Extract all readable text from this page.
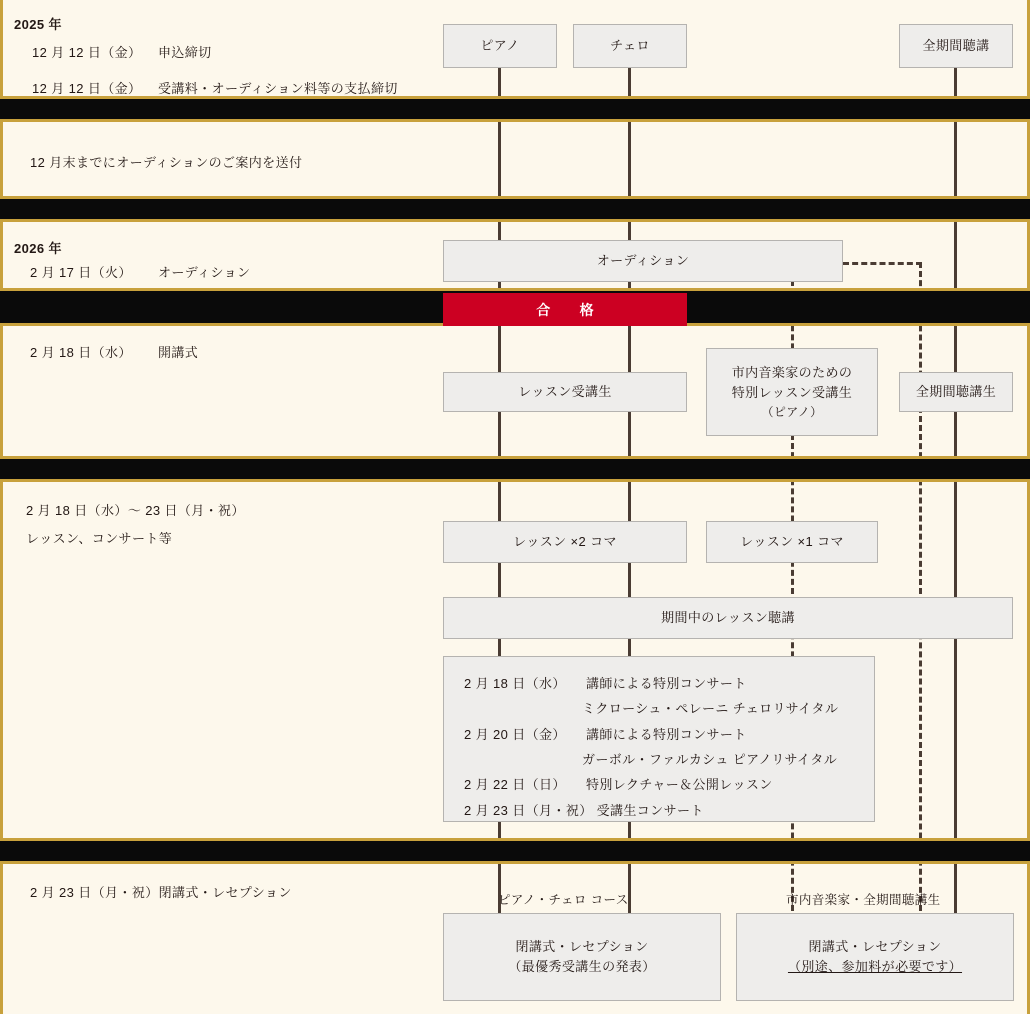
2025 年
12 月 12 日（金） 申込締切
12 月 12 日（金） 受講料・オーディション料等の支払締切
12 月末までにオーディションのご案内を送付
2026 年
2 月 17 日（火） オーディション
2 月 18 日（水） 開講式
2 月 18 日（水）〜 23 日（月・祝）
レッスン、コンサート等
2 月 23 日（月・祝）閉講式・レセプション
ピアノ	チェロ	全期間聴講
オーディション
合　格
レッスン受講生
市内音楽家のための
特別レッスン受講生
（ピアノ）
全期間聴講生
レッスン ×2 コマ	レッスン ×1 コマ
期間中のレッスン聴講
2 月 18 日（水） 講師による特別コンサート
ミクローシュ・ペレーニ チェロリサイタル
2 月 20 日（金） 講師による特別コンサート
ガーボル・ファルカシュ ピアノリサイタル
2 月 22 日（日） 特別レクチャー＆公開レッスン
2 月 23 日（月・祝） 受講生コンサート
ピアノ・チェロ コース	市内音楽家・全期間聴講生
閉講式・レセプション
（最優秀受講生の発表）
閉講式・レセプション
（別途、参加料が必要です）
